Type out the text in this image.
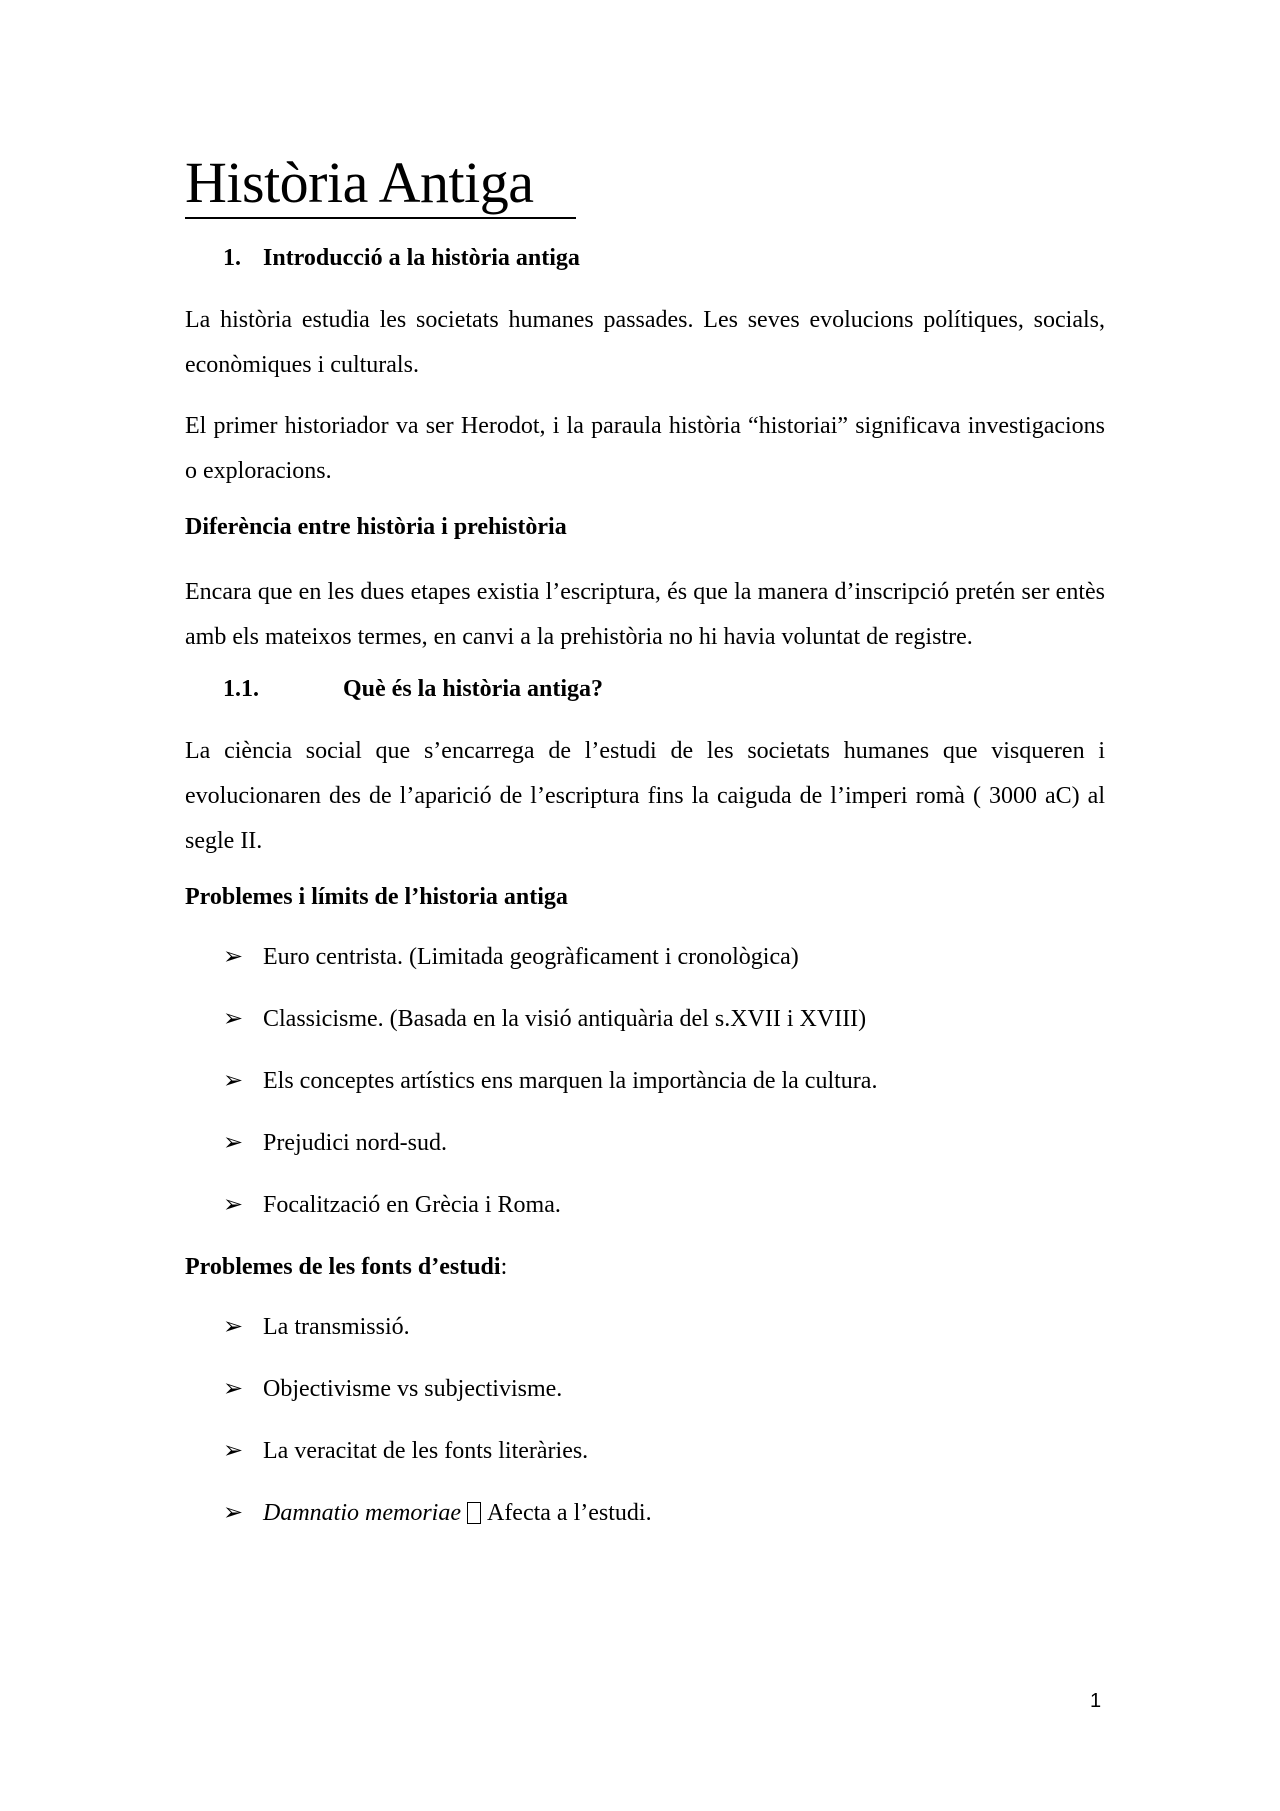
Història Antiga
1. Introducció a la història antiga

La història estudia les societats humanes passades. Les seves evolucions polítiques, socials, econòmiques i culturals.

El primer historiador va ser Herodot, i la paraula història “historiai” significava investigacions o exploracions.

Diferència entre història i prehistòria

Encara que en les dues etapes existia l’escriptura, és que la manera d’inscripció pretén ser entès amb els mateixos termes, en canvi a la prehistòria no hi havia voluntat de registre.

1.1.	Què és la història antiga?

La ciència social que s’encarrega de l’estudi de les societats humanes que visqueren i evolucionaren des de l’aparició de l’escriptura fins la caiguda de l’imperi romà ( 3000 aC) al segle II.

Problemes i límits de l’historia antiga
➢ Euro centrista. (Limitada geogràficament i cronològica)
➢ Classicisme. (Basada en la visió antiquària del s.XVII i XVIII)
➢ Els conceptes artístics ens marquen la importància de la cultura.
➢ Prejudici nord-sud.
➢ Focalització en Grècia i Roma.
Problemes de les fonts d’estudi:
➢ La transmissió.
➢ Objectivisme vs subjectivisme.
➢ La veracitat de les fonts literàries.
➢ Damnatio memoriae Afecta a l’estudi.
1
